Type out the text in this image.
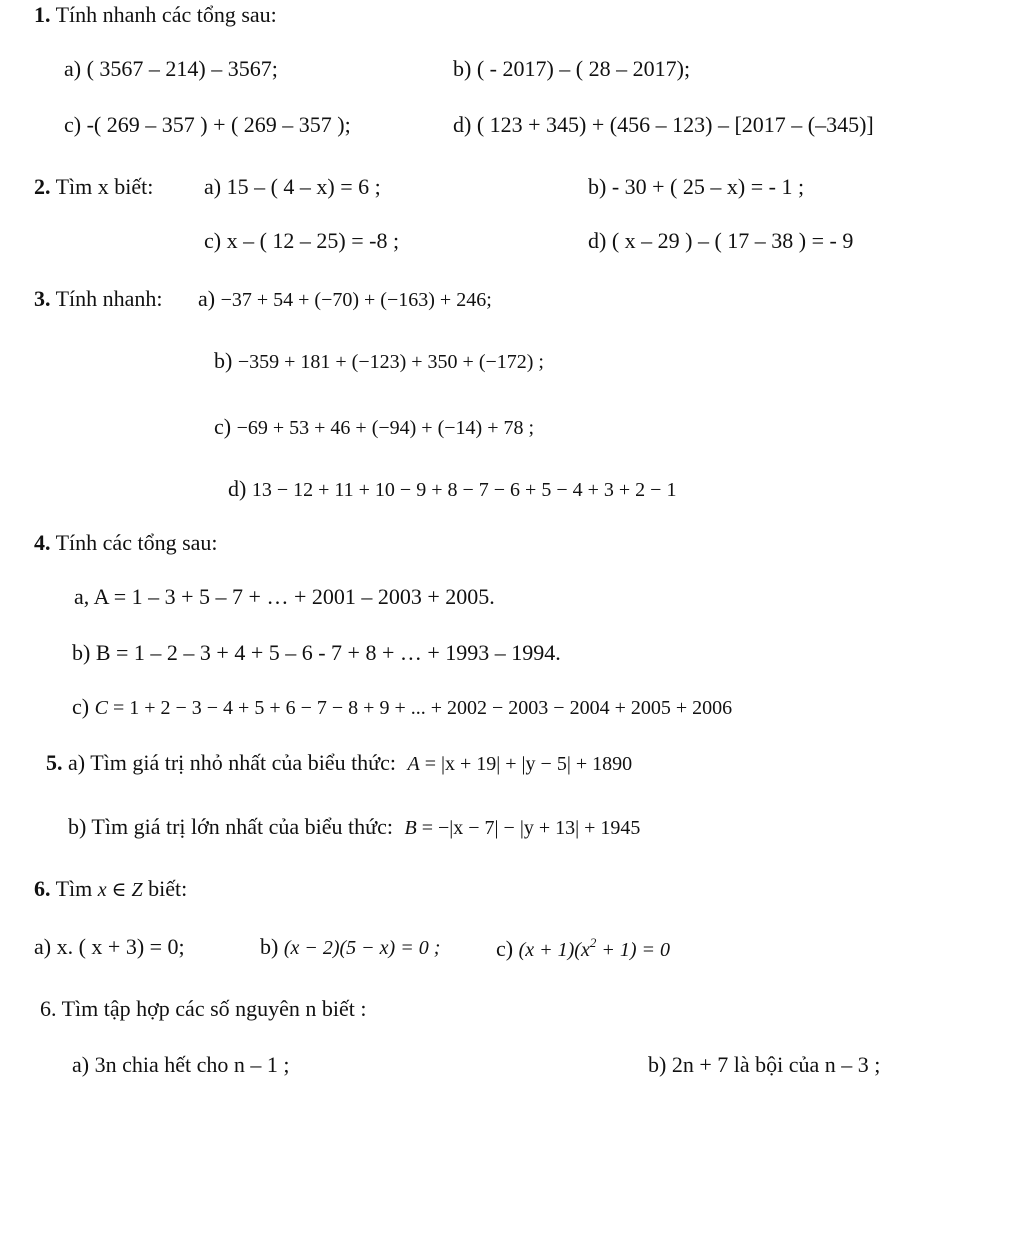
1. Tính nhanh các tổng sau:
a) ( 3567 – 214) – 3567;	b) ( - 2017) – ( 28 – 2017);
c) -( 269 – 357 ) + ( 269 – 357 );	d) ( 123 + 345) + (456 – 123) – [2017 – (–345)]
2. Tìm x biết: a) 15 – ( 4 – x) = 6 ;	b) - 30 + ( 25 – x) = - 1 ;
c) x – ( 12 – 25) = -8 ;	d) ( x – 29 ) – ( 17 – 38 ) = - 9
3. Tính nhanh: a) −37 + 54 + (−70) + (−163) + 246;
b) −359 + 181 + (−123) + 350 + (−172) ;
c) −69 + 53 + 46 + (−94) + (−14) + 78 ;
d) 13 − 12 + 11 + 10 − 9 + 8 − 7 − 6 + 5 − 4 + 3 + 2 − 1
4. Tính các tổng sau:
a, A = 1 – 3 + 5 – 7 + … + 2001 – 2003 + 2005.
b) B = 1 – 2 – 3 + 4 + 5 – 6 - 7 + 8 + … + 1993 – 1994.
c) C = 1 + 2 − 3 − 4 + 5 + 6 − 7 − 8 + 9 + ... + 2002 − 2003 − 2004 + 2005 + 2006
5. a) Tìm giá trị nhỏ nhất của biểu thức: A = |x + 19| + |y − 5| + 1890
b) Tìm giá trị lớn nhất của biểu thức: B = −|x − 7| − |y + 13| + 1945
6. Tìm x ∈ Z biết:
a) x. ( x + 3) = 0;	b) (x − 2)(5 − x) = 0 ;	c) $(x + 1)(x^2 + 1) = 0$
6. Tìm tập hợp các số nguyên n biết :
a) 3n chia hết cho n – 1 ;	b) 2n + 7 là bội của n – 3 ;
